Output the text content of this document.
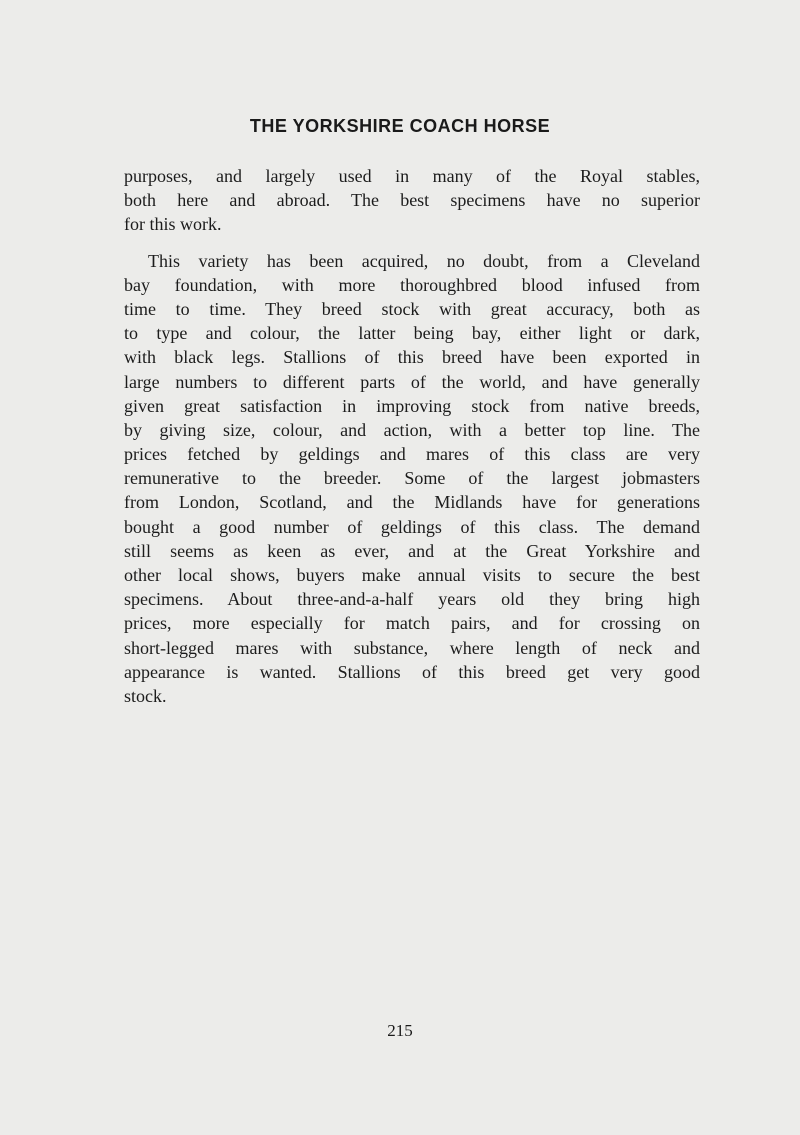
THE YORKSHIRE COACH HORSE
purposes, and largely used in many of the Royal stables,
both here and abroad. The best specimens have no superior
for this work.
This variety has been acquired, no doubt, from a Cleveland
bay foundation, with more thoroughbred blood infused from
time to time. They breed stock with great accuracy, both as
to type and colour, the latter being bay, either light or dark,
with black legs. Stallions of this breed have been exported in
large numbers to different parts of the world, and have generally
given great satisfaction in improving stock from native breeds,
by giving size, colour, and action, with a better top line. The
prices fetched by geldings and mares of this class are very
remunerative to the breeder. Some of the largest jobmasters
from London, Scotland, and the Midlands have for generations
bought a good number of geldings of this class. The demand
still seems as keen as ever, and at the Great Yorkshire and
other local shows, buyers make annual visits to secure the best
specimens. About three-and-a-half years old they bring high
prices, more especially for match pairs, and for crossing on
short-legged mares with substance, where length of neck and
appearance is wanted. Stallions of this breed get very good
stock.

215
